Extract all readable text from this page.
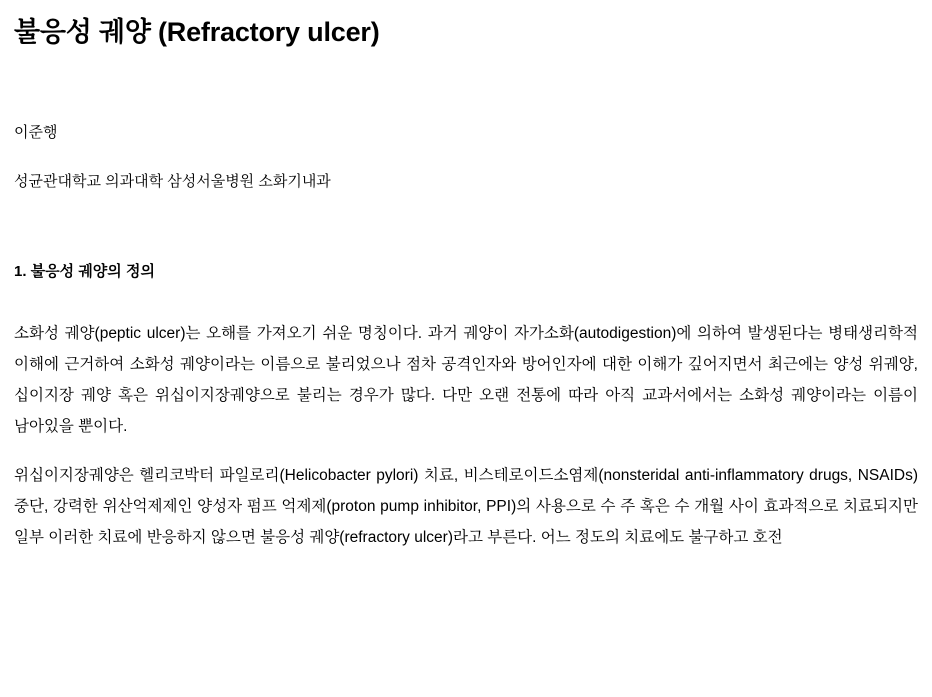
불응성 궤양 (Refractory ulcer)

이준행

성균관대학교 의과대학 삼성서울병원 소화기내과

1. 불응성 궤양의 정의

소화성 궤양(peptic ulcer)는 오해를 가져오기 쉬운 명칭이다. 과거 궤양이 자가소화(autodigestion)에 의하여 발생된다는 병태생리학적 이해에 근거하여 소화성 궤양이라는 이름으로 불리었으나 점차 공격인자와 방어인자에 대한 이해가 깊어지면서 최근에는 양성 위궤양, 십이지장 궤양 혹은 위십이지장궤양으로 불리는 경우가 많다. 다만 오랜 전통에 따라 아직 교과서에서는 소화성 궤양이라는 이름이 남아있을 뿐이다.

위십이지장궤양은 헬리코박터 파일로리(Helicobacter pylori) 치료, 비스테로이드소염제(nonsteridal anti-inflammatory drugs, NSAIDs) 중단, 강력한 위산억제제인 양성자 펌프 억제제(proton pump inhibitor, PPI)의 사용으로 수 주 혹은 수 개월 사이 효과적으로 치료되지만 일부 이러한 치료에 반응하지 않으면 불응성 궤양(refractory ulcer)라고 부른다. 어느 정도의 치료에도 불구하고 호전
